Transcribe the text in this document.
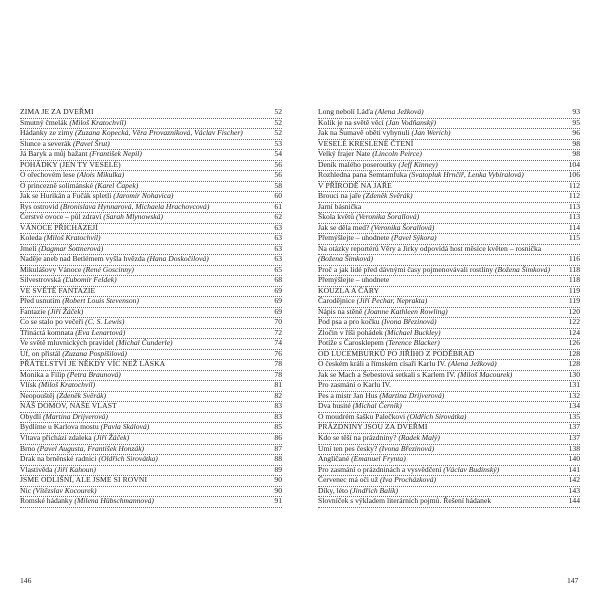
ZIMA JE ZA DVEŘMI	52
Smutný čmelák (Miloš Kratochvíl)	52
Hádanky ze zimy (Zuzana Kopecká, Věra Provazníková, Václav Fischer)	52
Slunce a severák (Pavel Šrut)	53
Já Baryk a můj bažant (František Nepil)	54
POHÁDKY (JEN TY VESELÉ)	56
O ořechovém lese (Alois Mikulka)	56
O princezně solimánské (Karel Čapek)	58
Jak se Hurikán a Fučák spletli (Jaromír Nohavica)	60
Rys ostrovid (Bronislava Hynnarová, Michaela Hrachovcová)	61
Čerstvé ovoce – půl zdraví (Sarah Mlynowská)	62
VÁNOCE PŘICHÁZEJÍ	63
Koleda (Miloš Kratochvíl)	63
Jmelí (Dagmar Šottnerová)	63
Naděje aneb nad Betlémem vyšla hvězda (Hana Doskočilová)	63
Mikulášovy Vánoce (René Goscinny)	65
Silvestrovská (Ľubomír Feldek)	68
VE SVĚTĚ FANTAZIE	69
Před usnutím (Robert Louis Stevenson)	69
Fantazie (Jiří Žáček)	69
Co se stalo po večeři (C. S. Lewis)	70
Třináctá komnata (Eva Lenartová)	72
Ve světě mluvnických pravidel (Michal Čunderle)	74
Uf, on přistál (Zuzana Pospíšilová)	76
PŘÁTELSTVÍ JE NĚKDY VÍC NEŽ LÁSKA	78
Monika a Filip (Petra Braunová)	78
Vlísk (Miloš Kratochvíl)	81
Neopouštěj (Zdeněk Svěrák)	82
NÁŠ DOMOV, NAŠE VLAST	83
Obydlí (Martina Drijverová)	83
Bydlíme u Karlova mostu (Pavla Skálová)	85
Vltava přichází zdaleka (Jiří Žáček)	86
Brno (Pavel Augusta, František Honzák)	87
Drak na brněnské radnici (Oldřich Sirovátka)	88
Vlastivěda (Jiří Kahoun)	89
JSME ODLIŠNÍ, ALE JSME SI ROVNI	90
Nic (Vítězslav Kocourek)	90
Romské hádanky (Milena Hübschmannová)	91
Long nebolí Láďa (Alena Ježková)	93
Kolik je na světě věcí (Jan Vodňanský)	95
Jak na Šumavě oběti vyhynuli (Jan Werich)	96
VESELÉ KRESLENÉ ČTENÍ	98
Velký frajer Nate (Lincoln Peirce)	98
Deník malého poseroutky (Jeff Kinney)	104
Rozhledna pana Šemtamfuka (Svatopluk Hrnčíř, Lenka Vybíralová)	106
V PŘÍRODĚ NA JAŘE	112
Brouci na jaře (Zdeněk Svěrák)	112
Jarní básnička	113
Škola květů (Veronika Šorallová)	113
Jak se děla med? (Veronika Šorallová)	114
Přemýšlejte – uhodnete (Pavel Sýkora)	115
Na otázky reportérů Věry a Jirky odpovídá host měsíce květen – rosnička
(Božena Šimková)	116
Proč a jak lidé před dávnými časy pojmenovávali rostliny (Božena Šimková)	118
Přemýšlejte – uhodnete	118
KOUZLA A ČÁRY	119
Čarodějnice (Jiří Pechar, Neprakta)	119
Nápis na stěně (Joanne Kathleen Rowling)	120
Pod psa a pro kočku (Ivona Březinová)	122
Zločin v říši pohádek (Michael Buckley)	124
Potíže s Čarosklepem (Terence Blacker)	126
OD LUCEMBURKŮ PO JIŘÍHO Z PODĚBRAD	128
O českém králi a římském císaři Karlu IV. (Alena Ježková)	128
Jak se Mach a Šebestová setkali s Karlem IV. (Miloš Macourek)	130
Pro zasmání o Karlu IV.	131
Pes a mistr Jan Hus (Martina Drijverová)	132
Dva husité (Michal Černík)	134
O moudrém šašku Palečkovi (Oldřich Sirovátka)	135
PRÁZDNINY JSOU ZA DVEŘMI	137
Kdo se těší na prázdniny? (Radek Malý)	137
Umí ten pes česky? (Ivona Březinová)	138
Angličané (Emanuel Frynta)	140
Pro zasmání o prázdninách a vysvědčení (Václav Budinský)	141
Červenec má oči už (Iva Procházková)	142
Díky, léto (Jindřich Balík)	143
Slovníček s výkladem literárních pojmů. Řešení hádanek	144
146	147
